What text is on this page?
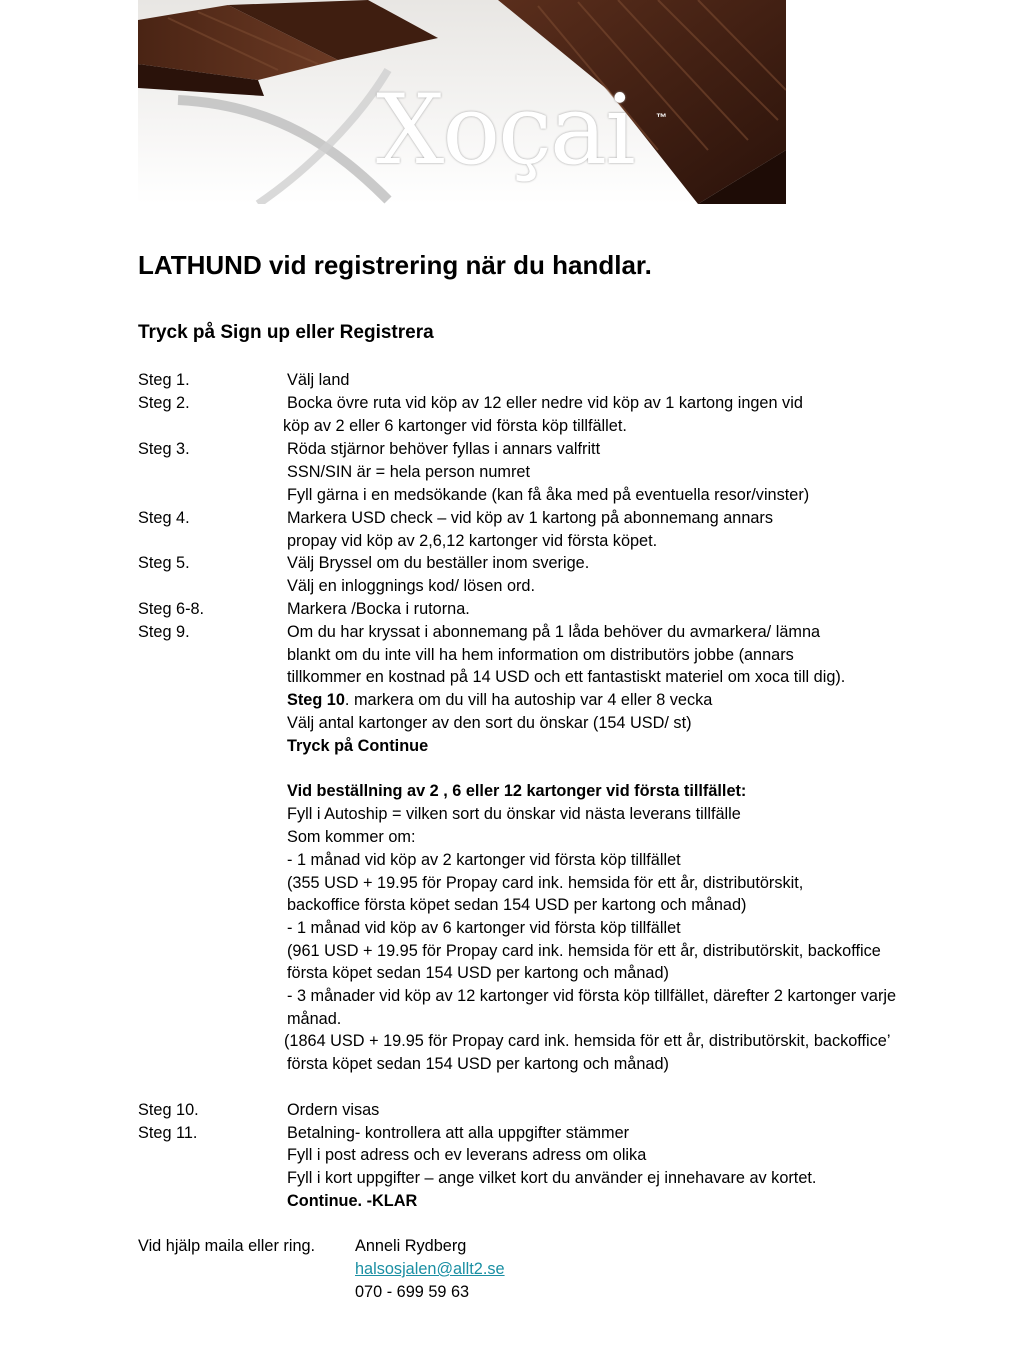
Xoçai ™
LATHUND vid registrering när du handlar.
Tryck på Sign up eller Registrera
Steg 1.	Välj land
Steg 2.	Bocka övre ruta vid köp av 12 eller nedre vid köp av 1 kartong ingen vid
köp av 2 eller 6 kartonger vid första köp tillfället.
Steg 3.	Röda stjärnor behöver fyllas i annars valfritt
SSN/SIN är = hela person numret
Fyll gärna i en medsökande (kan få åka med på eventuella resor/vinster)
Steg 4.	Markera USD check – vid köp av 1 kartong på abonnemang annars
propay vid köp av 2,6,12 kartonger vid första köpet.
Steg 5.	Välj Bryssel om du beställer inom sverige.
Välj en inloggnings kod/ lösen ord.
Steg 6-8.	Markera /Bocka i rutorna.
Steg 9.	Om du har kryssat i abonnemang på 1 låda behöver du avmarkera/ lämna
blankt om du inte vill ha hem information om distributörs jobbe (annars
tillkommer en kostnad på 14 USD och ett fantastiskt materiel om xoca till dig).
Steg 10. markera om du vill ha autoship var 4 eller 8 vecka
Välj antal kartonger av den sort du önskar (154 USD/ st)
Tryck på Continue
Vid beställning av 2 , 6 eller 12 kartonger vid första tillfället:
Fyll i Autoship = vilken sort du önskar vid nästa leverans tillfälle
Som kommer om:
- 1 månad vid köp av 2 kartonger vid första köp tillfället
(355 USD + 19.95 för Propay card ink. hemsida för ett år, distributörskit,
backoffice första köpet sedan 154 USD per kartong och månad)
- 1 månad vid köp av 6 kartonger vid första köp tillfället
(961 USD + 19.95 för Propay card ink. hemsida för ett år, distributörskit, backoffice
första köpet sedan 154 USD per kartong och månad)
- 3 månader vid köp av 12 kartonger vid första köp tillfället, därefter 2 kartonger varje
månad.
(1864 USD + 19.95 för Propay card ink. hemsida för ett år, distributörskit, backoffice’
första köpet sedan 154 USD per kartong och månad)
Steg 10.	Ordern visas
Steg 11.	Betalning- kontrollera att alla uppgifter stämmer
Fyll i post adress och ev leverans adress om olika
Fyll i kort uppgifter – ange vilket kort du använder ej innehavare av kortet.
Continue. -KLAR
Vid hjälp maila eller ring. Anneli Rydberg
halsosjalen@allt2.se
070 - 699 59 63
